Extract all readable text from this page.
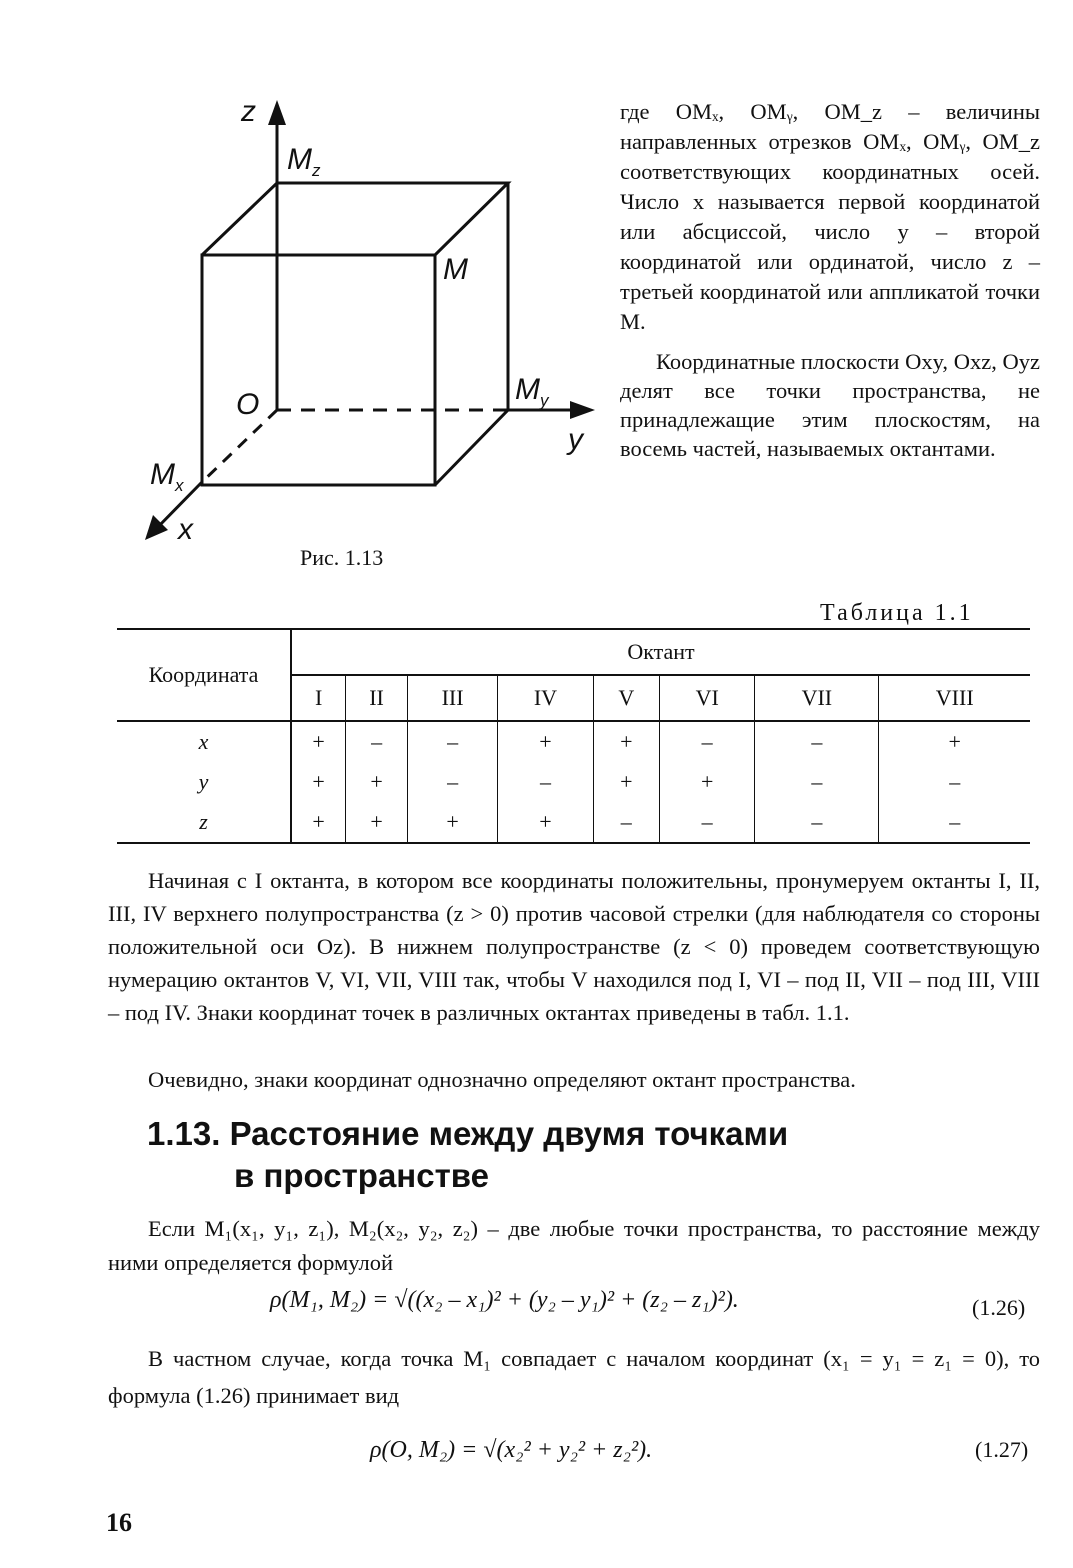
z
$M_z$
M
$M_y$
O
y
$M_x$
x
Рис. 1.13

где OMₓ, OMᵧ, OM_z – величины направленных отрезков OMₓ, OMᵧ, OM_z соответствующих координатных осей. Число x называется первой координатой или абсциссой, число y – второй координатой или ординатой, число z – третьей координатой или аппликатой точки M.

Координатные плоскости Oxy, Oxz, Oyz делят все точки пространства, не принадлежащие этим плоскостям, на восемь частей, называемых октантами.

Таблица 1.1
Координата	Октант							
	I	II	III	IV	V	VI	VII	VIII
x	+	–	–	+	+	–	–	+
y	+	+	–	–	+	+	–	–
z	+	+	+	+	–	–	–	–

Начиная с I октанта, в котором все координаты положительны, пронумеруем октанты I, II, III, IV верхнего полупространства (z > 0) против часовой стрелки (для наблюдателя со стороны положительной оси Oz). В нижнем полупространстве (z < 0) проведем соответствующую нумерацию октантов V, VI, VII, VIII так, чтобы V находился под I, VI – под II, VII – под III, VIII – под IV. Знаки координат точек в различных октантах приведены в табл. 1.1.

Очевидно, знаки координат однозначно определяют октант пространства.

1.13. Расстояние между двумя точками
в пространстве

Если M₁(x₁, y₁, z₁), M₂(x₂, y₂, z₂) – две любые точки пространства, то расстояние между ними определяется формулой

ρ(M₁, M₂) = √((x₂ – x₁)² + (y₂ – y₁)² + (z₂ – z₁)²).	(1.26)

В частном случае, когда точка M₁ совпадает с началом координат (x₁ = y₁ = z₁ = 0), то формула (1.26) принимает вид

ρ(O, M₂) = √(x₂² + y₂² + z₂²).	(1.27)
16
